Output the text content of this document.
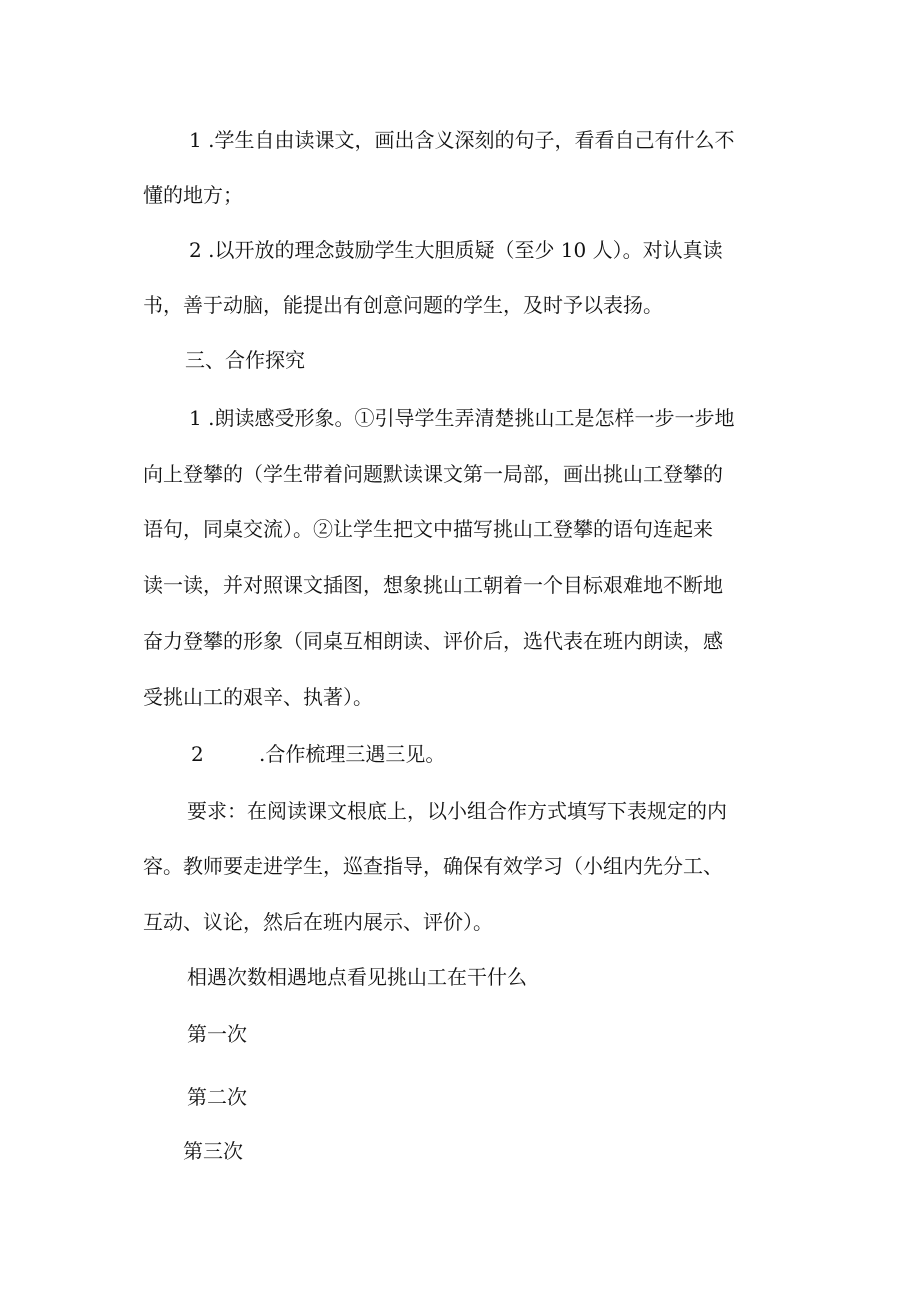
1 .学生自由读课文，画出含义深刻的句子，看看自己有什么不
懂的地方；
2 .以开放的理念鼓励学生大胆质疑（至少 10 人）。对认真读
书，善于动脑，能提出有创意问题的学生，及时予以表扬。
三、合作探究
1 .朗读感受形象。①引导学生弄清楚挑山工是怎样一步一步地
向上登攀的（学生带着问题默读课文第一局部，画出挑山工登攀的
语句，同桌交流）。②让学生把文中描写挑山工登攀的语句连起来
读一读，并对照课文插图，想象挑山工朝着一个目标艰难地不断地
奋力登攀的形象（同桌互相朗读、评价后，选代表在班内朗读，感
受挑山工的艰辛、执著）。
2	.合作梳理三遇三见。
要求：在阅读课文根底上，以小组合作方式填写下表规定的内
容。教师要走进学生，巡查指导，确保有效学习（小组内先分工、
互动、议论，然后在班内展示、评价）。
相遇次数相遇地点看见挑山工在干什么
第一次
第二次
第三次
